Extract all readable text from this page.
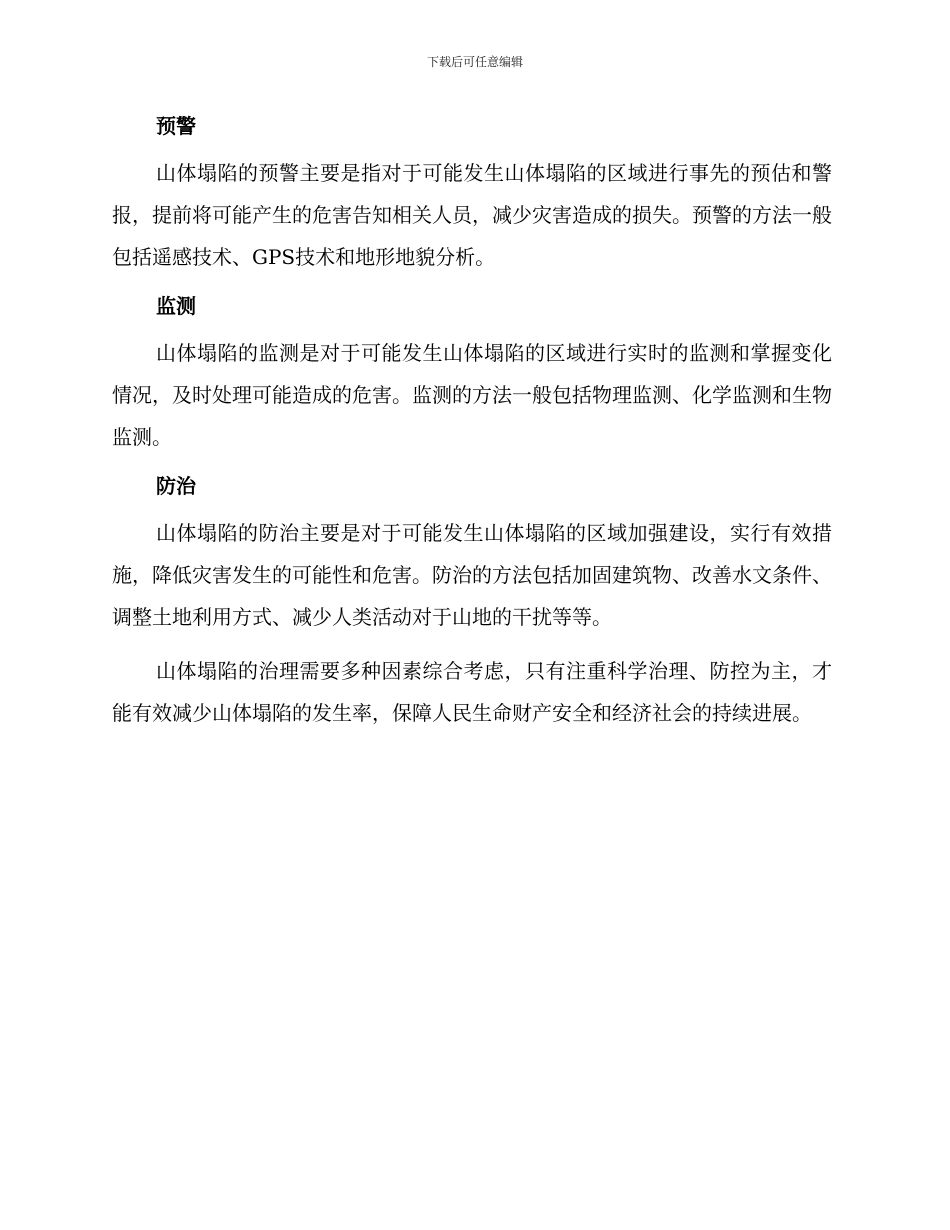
下载后可任意编辑
预警

山体塌陷的预警主要是指对于可能发生山体塌陷的区域进行事先的预估和警报，提前将可能产生的危害告知相关人员，减少灾害造成的损失。预警的方法一般包括遥感技术、GPS技术和地形地貌分析。

监测

山体塌陷的监测是对于可能发生山体塌陷的区域进行实时的监测和掌握变化情况，及时处理可能造成的危害。监测的方法一般包括物理监测、化学监测和生物监测。

防治

山体塌陷的防治主要是对于可能发生山体塌陷的区域加强建设，实行有效措施，降低灾害发生的可能性和危害。防治的方法包括加固建筑物、改善水文条件、调整土地利用方式、减少人类活动对于山地的干扰等等。

山体塌陷的治理需要多种因素综合考虑，只有注重科学治理、防控为主，才能有效减少山体塌陷的发生率，保障人民生命财产安全和经济社会的持续进展。
